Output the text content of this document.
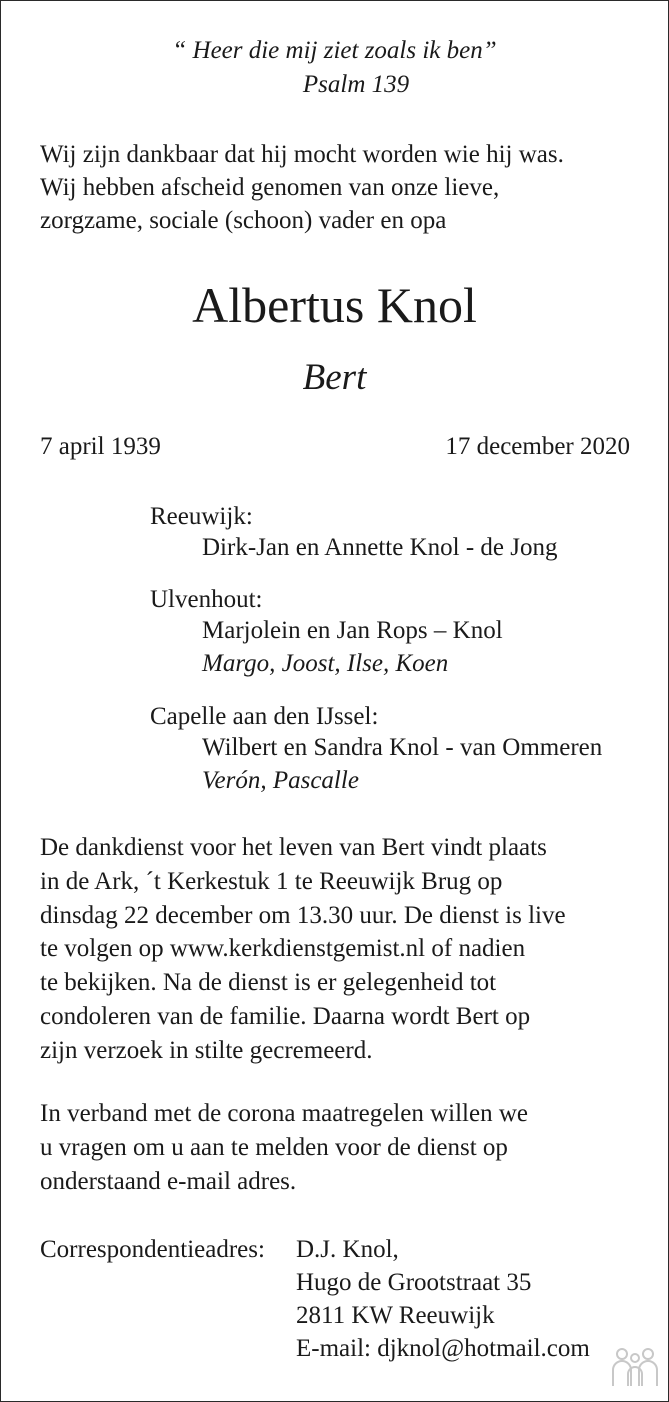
“ Heer die mij ziet zoals ik ben”
Psalm 139
Wij zijn dankbaar dat hij mocht worden wie hij was.
Wij hebben afscheid genomen van onze lieve,
zorgzame, sociale (schoon) vader en opa
Albertus Knol
Bert
7 april 1939	17 december 2020
Reeuwijk:
Dirk-Jan en Annette Knol - de Jong
Ulvenhout:
Marjolein en Jan Rops – Knol
Margo, Joost, Ilse, Koen
Capelle aan den IJssel:
Wilbert en Sandra Knol - van Ommeren
Verón, Pascalle
De dankdienst voor het leven van Bert vindt plaats
in de Ark, ´t Kerkestuk 1 te Reeuwijk Brug op
dinsdag 22 december om 13.30 uur. De dienst is live
te volgen op www.kerkdienstgemist.nl of nadien
te bekijken. Na de dienst is er gelegenheid tot
condoleren van de familie. Daarna wordt Bert op
zijn verzoek in stilte gecremeerd.
In verband met de corona maatregelen willen we
u vragen om u aan te melden voor de dienst op
onderstaand e-mail adres.
Correspondentieadres: D.J. Knol,
Hugo de Grootstraat 35
2811 KW Reeuwijk
E-mail: djknol@hotmail.com
